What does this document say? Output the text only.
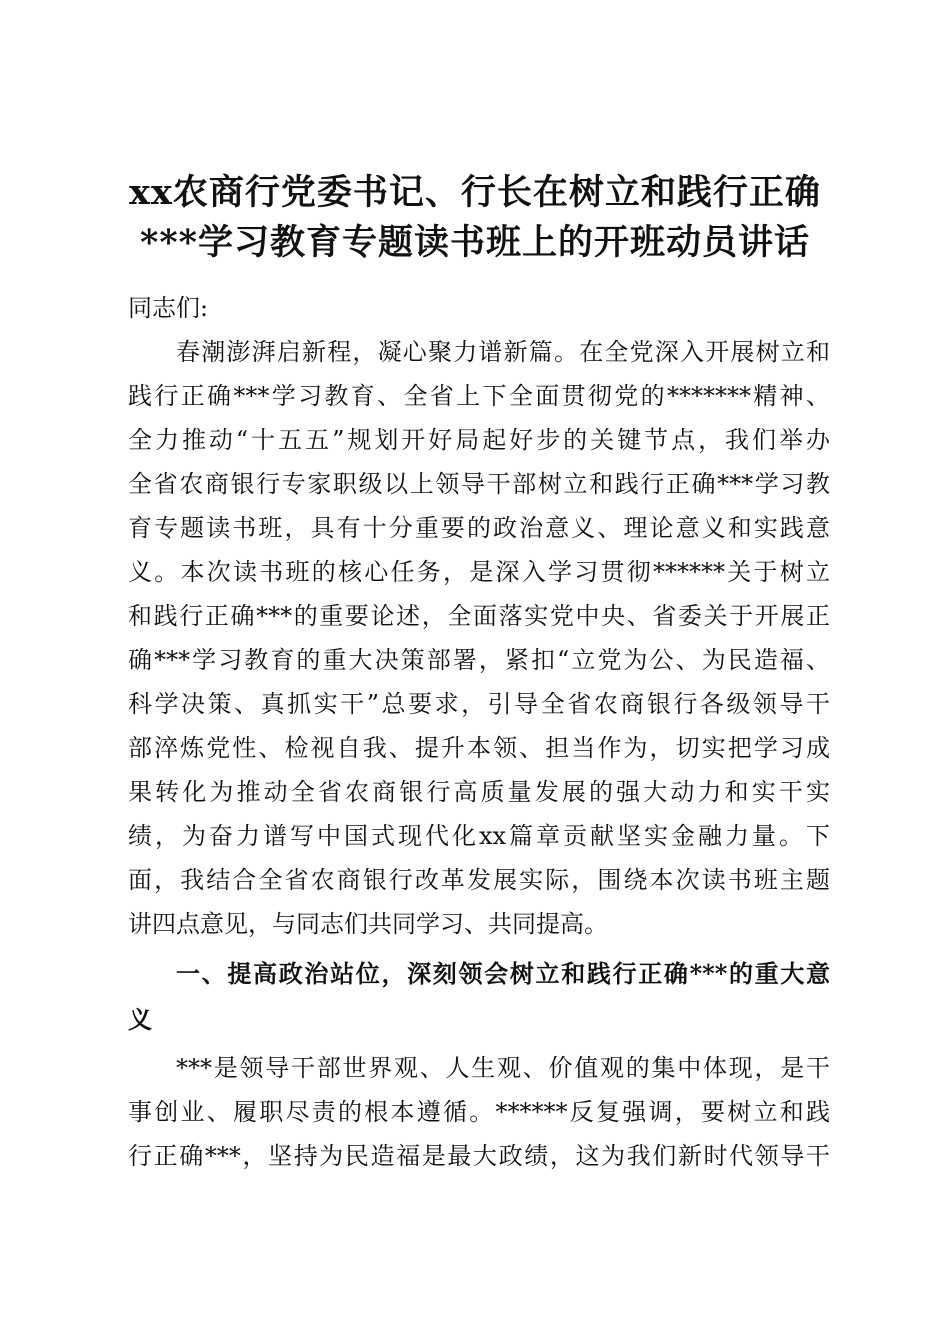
xx农商行党委书记、行长在树立和践行正确
***学习教育专题读书班上的开班动员讲话

同志们:

春潮澎湃启新程，凝心聚力谱新篇。在全党深入开展树立和

践行正确***学习教育、全省上下全面贯彻党的*******精神、

全力推动“十五五”规划开好局起好步的关键节点，我们举办

全省农商银行专家职级以上领导干部树立和践行正确***学习教

育专题读书班，具有十分重要的政治意义、理论意义和实践意

义。本次读书班的核心任务，是深入学习贯彻******关于树立

和践行正确***的重要论述，全面落实党中央、省委关于开展正

确***学习教育的重大决策部署，紧扣“立党为公、为民造福、

科学决策、真抓实干”总要求，引导全省农商银行各级领导干

部淬炼党性、检视自我、提升本领、担当作为，切实把学习成

果转化为推动全省农商银行高质量发展的强大动力和实干实

绩，为奋力谱写中国式现代化xx篇章贡献坚实金融力量。下

面，我结合全省农商银行改革发展实际，围绕本次读书班主题

讲四点意见，与同志们共同学习、共同提高。

一、提高政治站位，深刻领会树立和践行正确***的重大意

义

***是领导干部世界观、人生观、价值观的集中体现，是干

事创业、履职尽责的根本遵循。******反复强调，要树立和践

行正确***，坚持为民造福是最大政绩，这为我们新时代领导干
